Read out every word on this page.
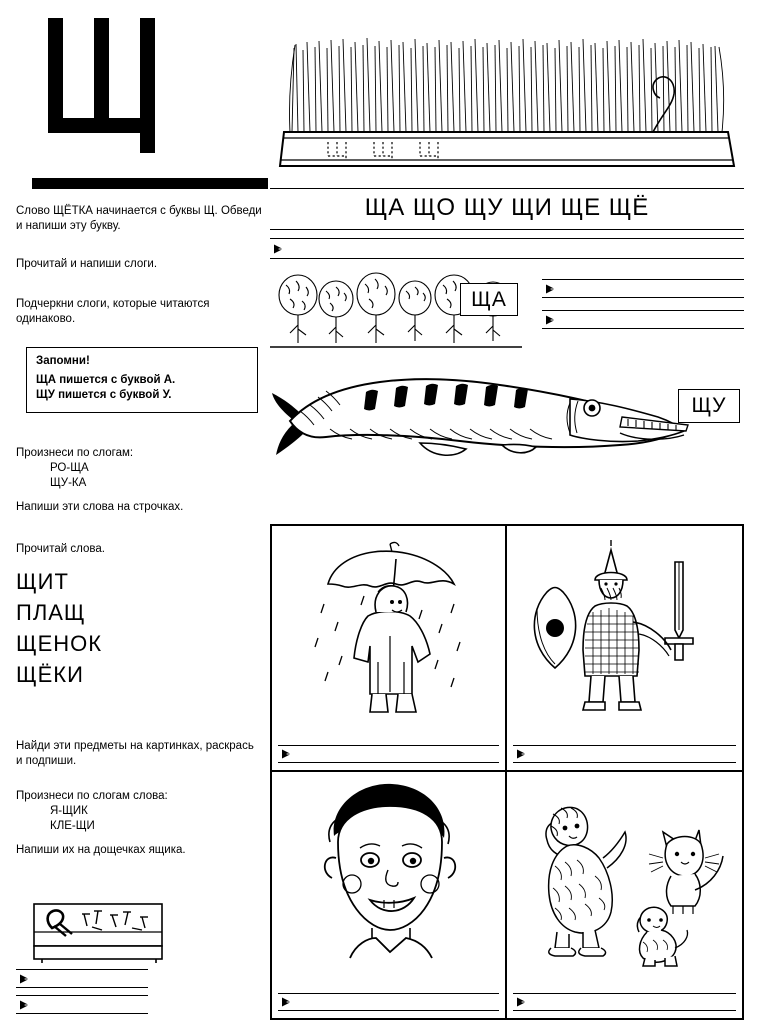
Слово ЩЁТКА начинается с буквы Щ. Обведи и напиши эту букву.

Прочитай и напиши слоги.

Подчеркни слоги, которые читаются одинаково.

Запомни!
ЩА пишется с буквой А.
ЩУ пишется с буквой У.

Произнеси по слогам:

РО-ЩА
ЩУ-КА

Напиши эти слова на строчках.

Прочитай слова.

ЩИТ
ПЛАЩ
ЩЕНОК
ЩЁКИ

Найди эти предметы на картинках, раскрась и подпиши.

Произнеси по слогам слова:

Я-ЩИК
КЛЕ-ЩИ

Напиши их на дощечках ящика.

ЩА ЩО ЩУ ЩИ ЩЕ ЩЁ
ЩА
ЩУ
